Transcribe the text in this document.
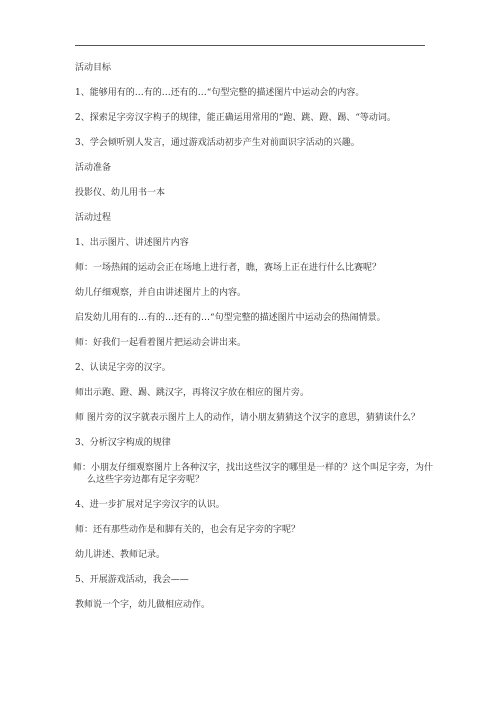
活动目标
1、能够用有的…有的…还有的…“句型完整的描述图片中运动会的内容。
2、探索足字旁汉字构子的规律，能正确运用常用的“跑、跳、蹬、踢、“等动词。
3、学会倾听别人发言，通过游戏活动初步产生对前面识字活动的兴趣。
活动准备
投影仪、幼儿用书一本
活动过程
1、出示图片、讲述图片内容
师：一场热闹的运动会正在场地上进行者，瞧，赛场上正在进行什么比赛呢？
幼儿仔细观察，并自由讲述图片上的内容。
启发幼儿用有的…有的…还有的…“句型完整的描述图片中运动会的热闹情景。
师：好我们一起看着图片把运动会讲出来。
2、认读足字旁的汉字。
师出示跑、蹬、踢、跳汉字，再将汉字放在相应的图片旁。
师 图片旁的汉字就表示图片上人的动作，请小朋友猜猜这个汉字的意思，猜猜读什么？
3、分析汉字构成的规律
师：小朋友仔细观察图片上各种汉字，找出这些汉字的哪里是一样的？这个叫足字旁，为什么这些字旁边都有足字旁呢？
4、进一步扩展对足字旁汉字的认识。
师：还有那些动作是和脚有关的，也会有足字旁的字呢？
幼儿讲述、教师记录。
5、开展游戏活动，我会——
教师说一个字，幼儿做相应动作。
